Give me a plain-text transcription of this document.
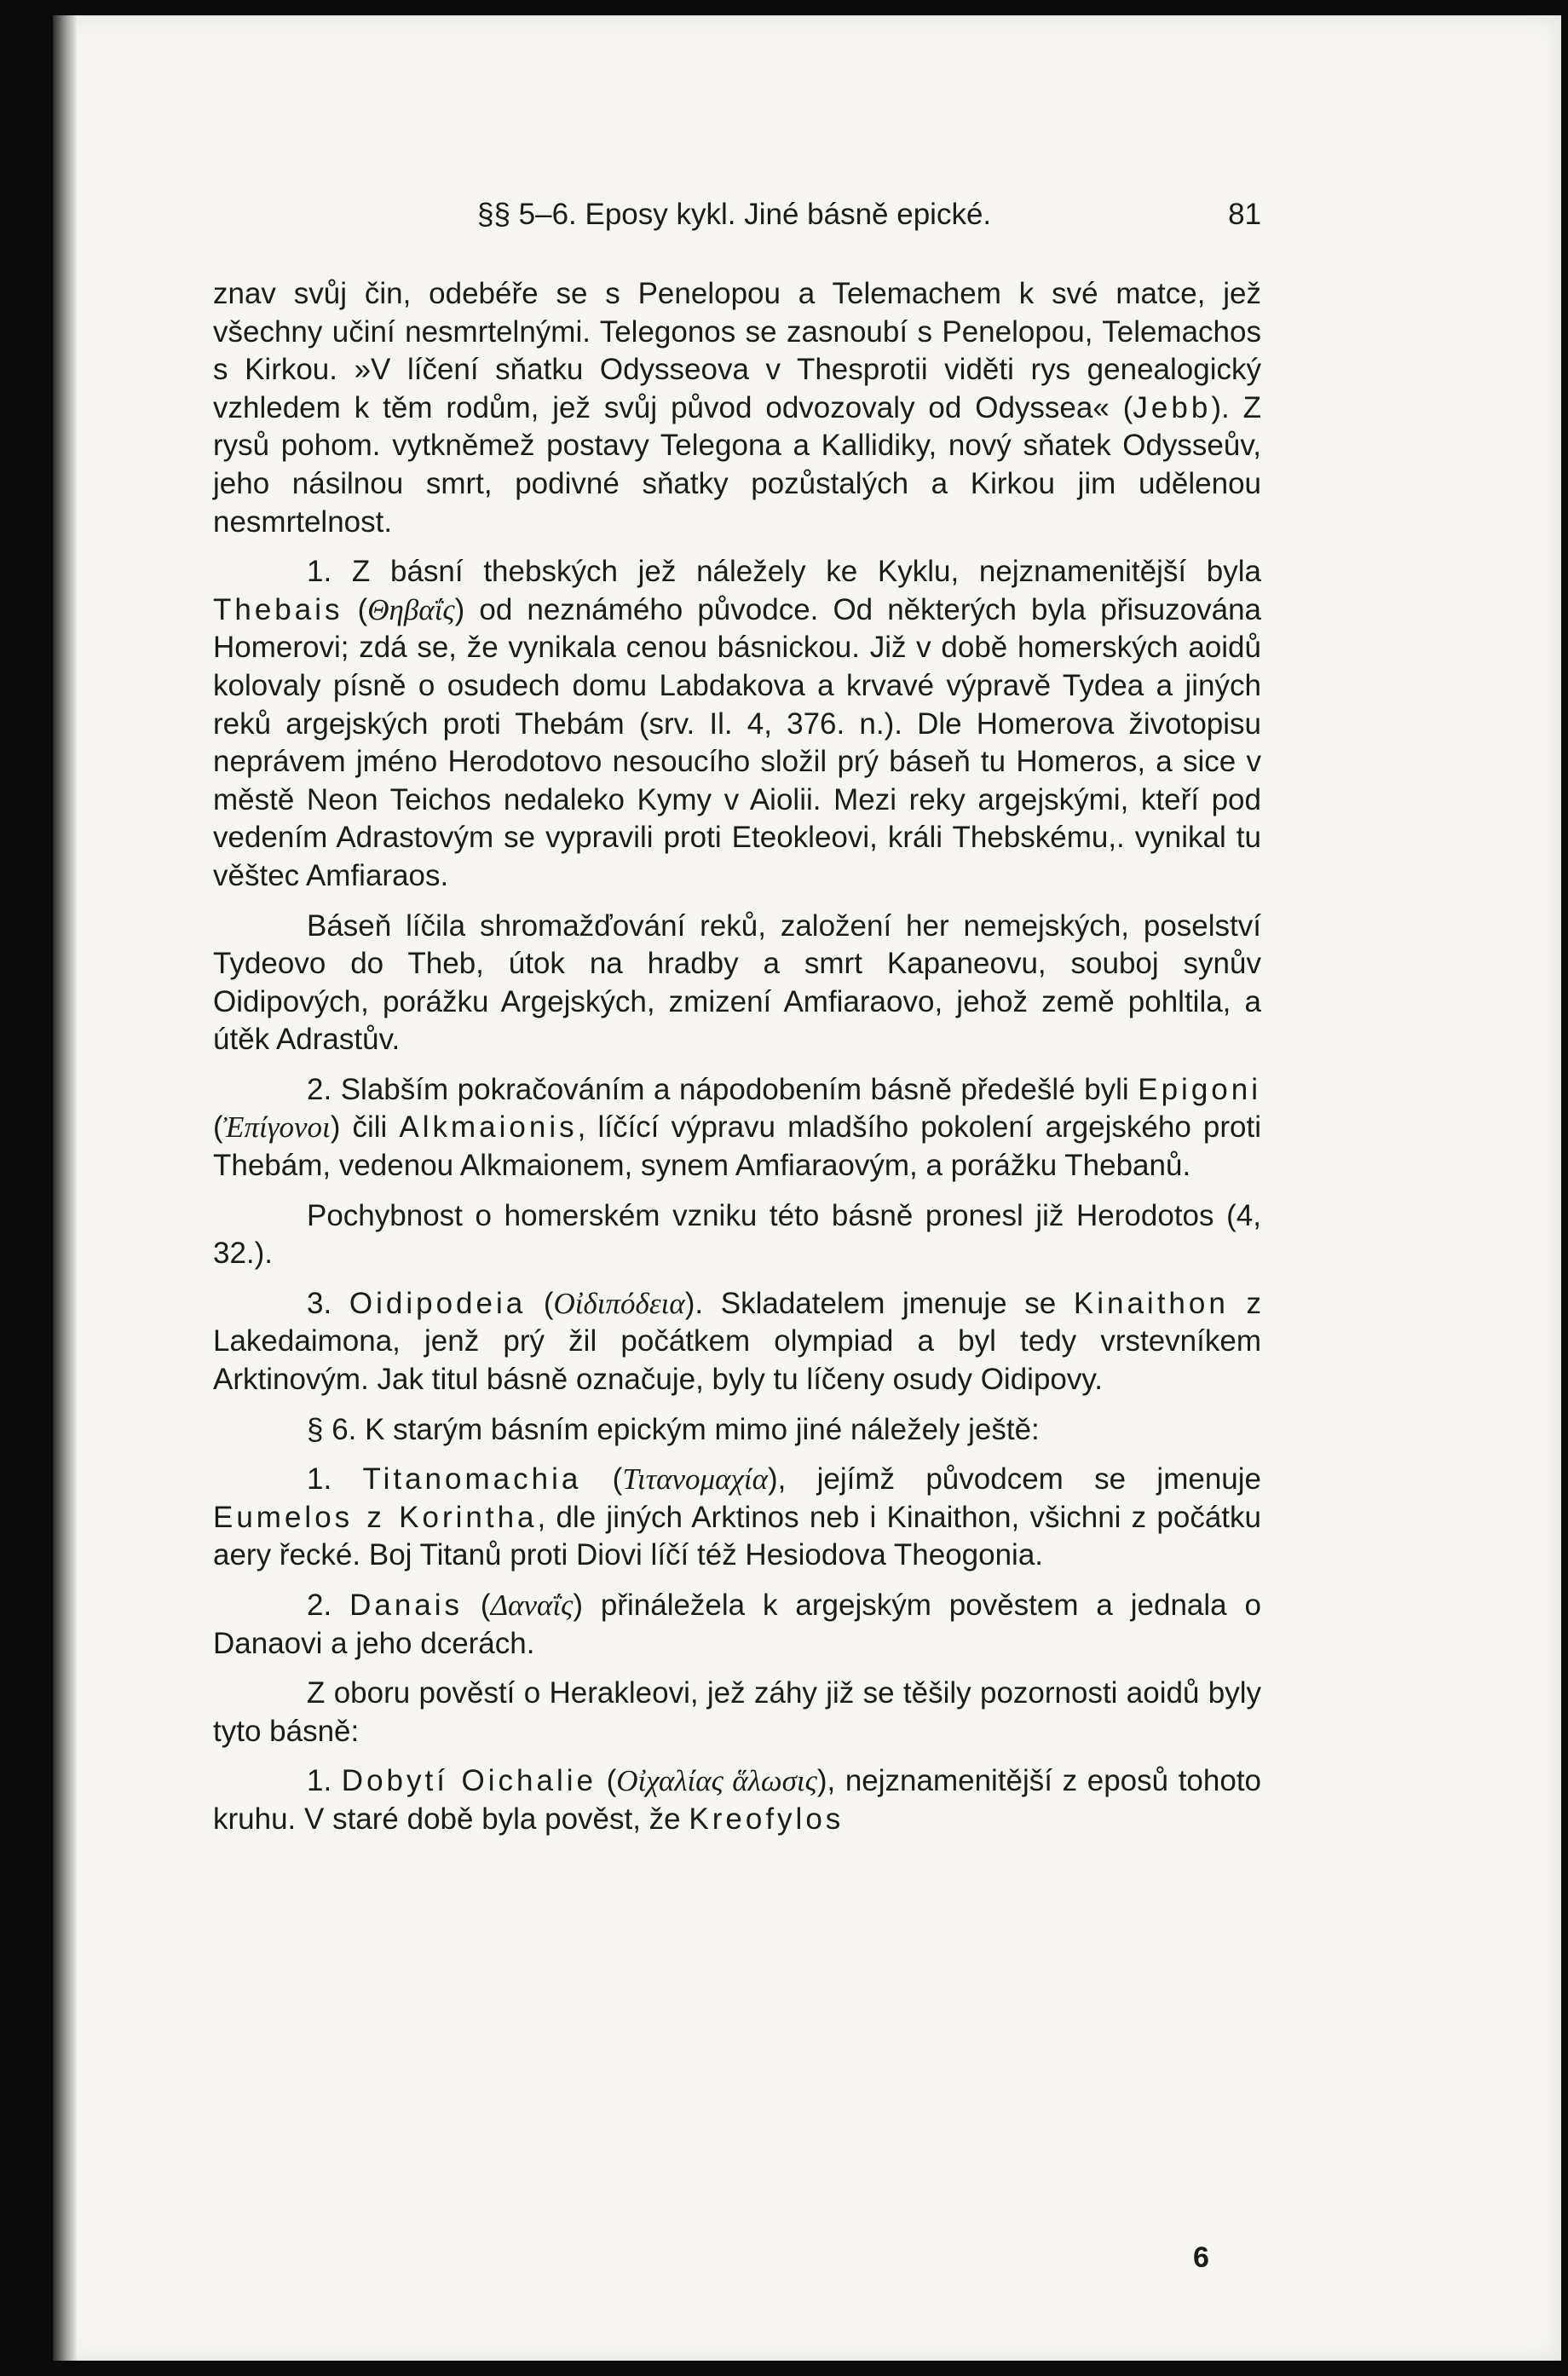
§§ 5–6. Eposy kykl. Jiné básně epické.	81

znav svůj čin, odebéře se s Penelopou a Telemachem k své matce, jež všechny učiní nesmrtelnými. Telegonos se zasnoubí s Penelopou, Telemachos s Kirkou. »V líčení sňatku Odysseova v Thesprotii viděti rys genealogický vzhledem k těm rodům, jež svůj původ odvozovaly od Odyssea« (Jebb). Z rysů pohom. vytkněmež postavy Telegona a Kallidiky, nový sňatek Odysseův, jeho násilnou smrt, podivné sňatky pozůstalých a Kirkou jim udělenou nesmrtelnost.

1. Z básní thebských jež náležely ke Kyklu, nejznamenitější byla Thebais (Θηβαΐς) od neznámého původce. Od některých byla přisuzována Homerovi; zdá se, že vynikala cenou básnickou. Již v době homerských aoidů kolovaly písně o osudech domu Labdakova a krvavé výpravě Tydea a jiných reků argejských proti Thebám (srv. Il. 4, 376. n.). Dle Homerova životopisu neprávem jméno Herodotovo nesoucího složil prý báseň tu Homeros, a sice v městě Neon Teichos nedaleko Kymy v Aiolii. Mezi reky argejskými, kteří pod vedením Adrastovým se vypravili proti Eteokleovi, králi Thebskému,. vynikal tu věštec Amfiaraos.

Báseň líčila shromažďování reků, založení her nemejských, poselství Tydeovo do Theb, útok na hradby a smrt Kapaneovu, souboj synův Oidipových, porážku Argejských, zmizení Amfiaraovo, jehož země pohltila, a útěk Adrastův.

2. Slabším pokračováním a nápodobením básně předešlé byli Epigoni (Ἐπίγονοι) čili Alkmaionis, líčící výpravu mladšího pokolení argejského proti Thebám, vedenou Alkmaionem, synem Amfiaraovým, a porážku Thebanů.

Pochybnost o homerském vzniku této básně pronesl již Herodotos (4, 32.).

3. Oidipodeia (Οἰδιπόδεια). Skladatelem jmenuje se Kinaithon z Lakedaimona, jenž prý žil počátkem olympiad a byl tedy vrstevníkem Arktinovým. Jak titul básně označuje, byly tu líčeny osudy Oidipovy.

§ 6. K starým básním epickým mimo jiné náležely ještě:

1. Titanomachia (Τιτανομαχία), jejímž původcem se jmenuje Eumelos z Korintha, dle jiných Arktinos neb i Kinaithon, všichni z počátku aery řecké. Boj Titanů proti Diovi líčí též Hesiodova Theogonia.

2. Danais (Δαναΐς) přináležela k argejským pověstem a jednala o Danaovi a jeho dcerách.

Z oboru pověstí o Herakleovi, jež záhy již se těšily pozornosti aoidů byly tyto básně:

1. Dobytí Oichalie (Οἰχαλίας ἅλωσις), nejznamenitější z eposů tohoto kruhu. V staré době byla pověst, že Kreofylos

6
